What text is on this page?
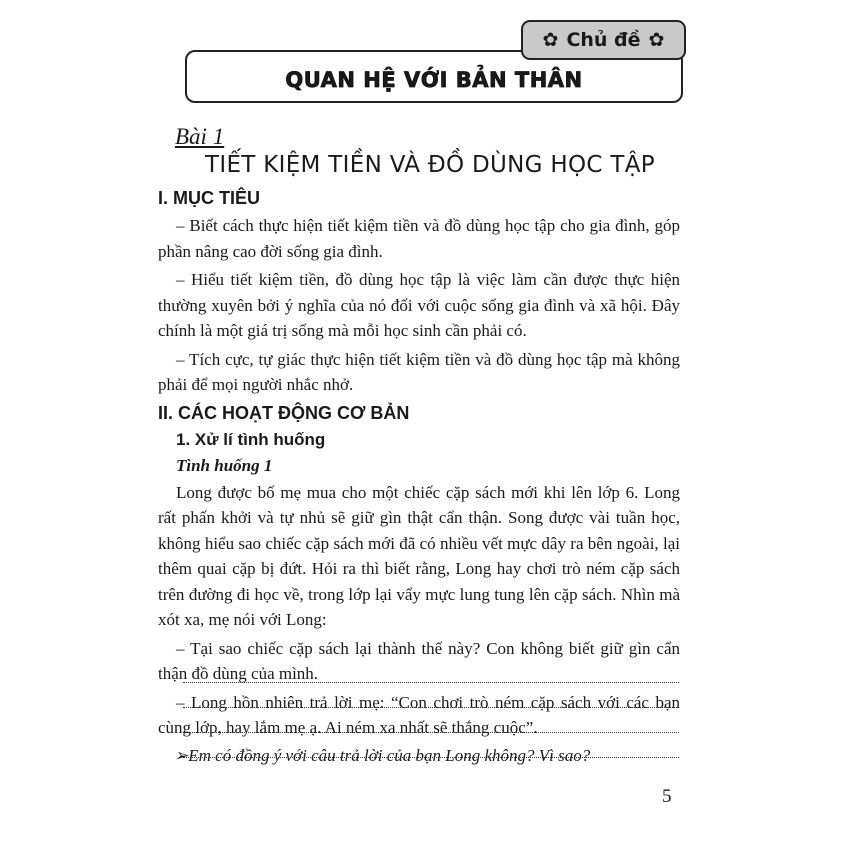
✿ Chủ đề ✿
QUAN HỆ VỚI BẢN THÂN
Bài 1
TIẾT KIỆM TIỀN VÀ ĐỒ DÙNG HỌC TẬP
I. MỤC TIÊU

– Biết cách thực hiện tiết kiệm tiền và đồ dùng học tập cho gia đình, góp phần nâng cao đời sống gia đình.

– Hiểu tiết kiệm tiền, đồ dùng học tập là việc làm cần được thực hiện thường xuyên bởi ý nghĩa của nó đối với cuộc sống gia đình và xã hội. Đây chính là một giá trị sống mà mỗi học sinh cần phải có.

– Tích cực, tự giác thực hiện tiết kiệm tiền và đồ dùng học tập mà không phải để mọi người nhắc nhở.

II. CÁC HOẠT ĐỘNG CƠ BẢN
1. Xử lí tình huống
Tình huống 1

Long được bố mẹ mua cho một chiếc cặp sách mới khi lên lớp 6. Long rất phấn khởi và tự nhủ sẽ giữ gìn thật cẩn thận. Song được vài tuần học, không hiểu sao chiếc cặp sách mới đã có nhiều vết mực dây ra bên ngoài, lại thêm quai cặp bị đứt. Hỏi ra thì biết rằng, Long hay chơi trò ném cặp sách trên đường đi học về, trong lớp lại vẩy mực lung tung lên cặp sách. Nhìn mà xót xa, mẹ nói với Long:

– Tại sao chiếc cặp sách lại thành thế này? Con không biết giữ gìn cẩn thận đồ dùng của mình.

– Long hồn nhiên trả lời mẹ: “Con chơi trò ném cặp sách với các bạn cùng lớp, hay lắm mẹ ạ. Ai ném xa nhất sẽ thắng cuộc”.

➢Em có đồng ý với câu trả lời của bạn Long không? Vì sao?
5
